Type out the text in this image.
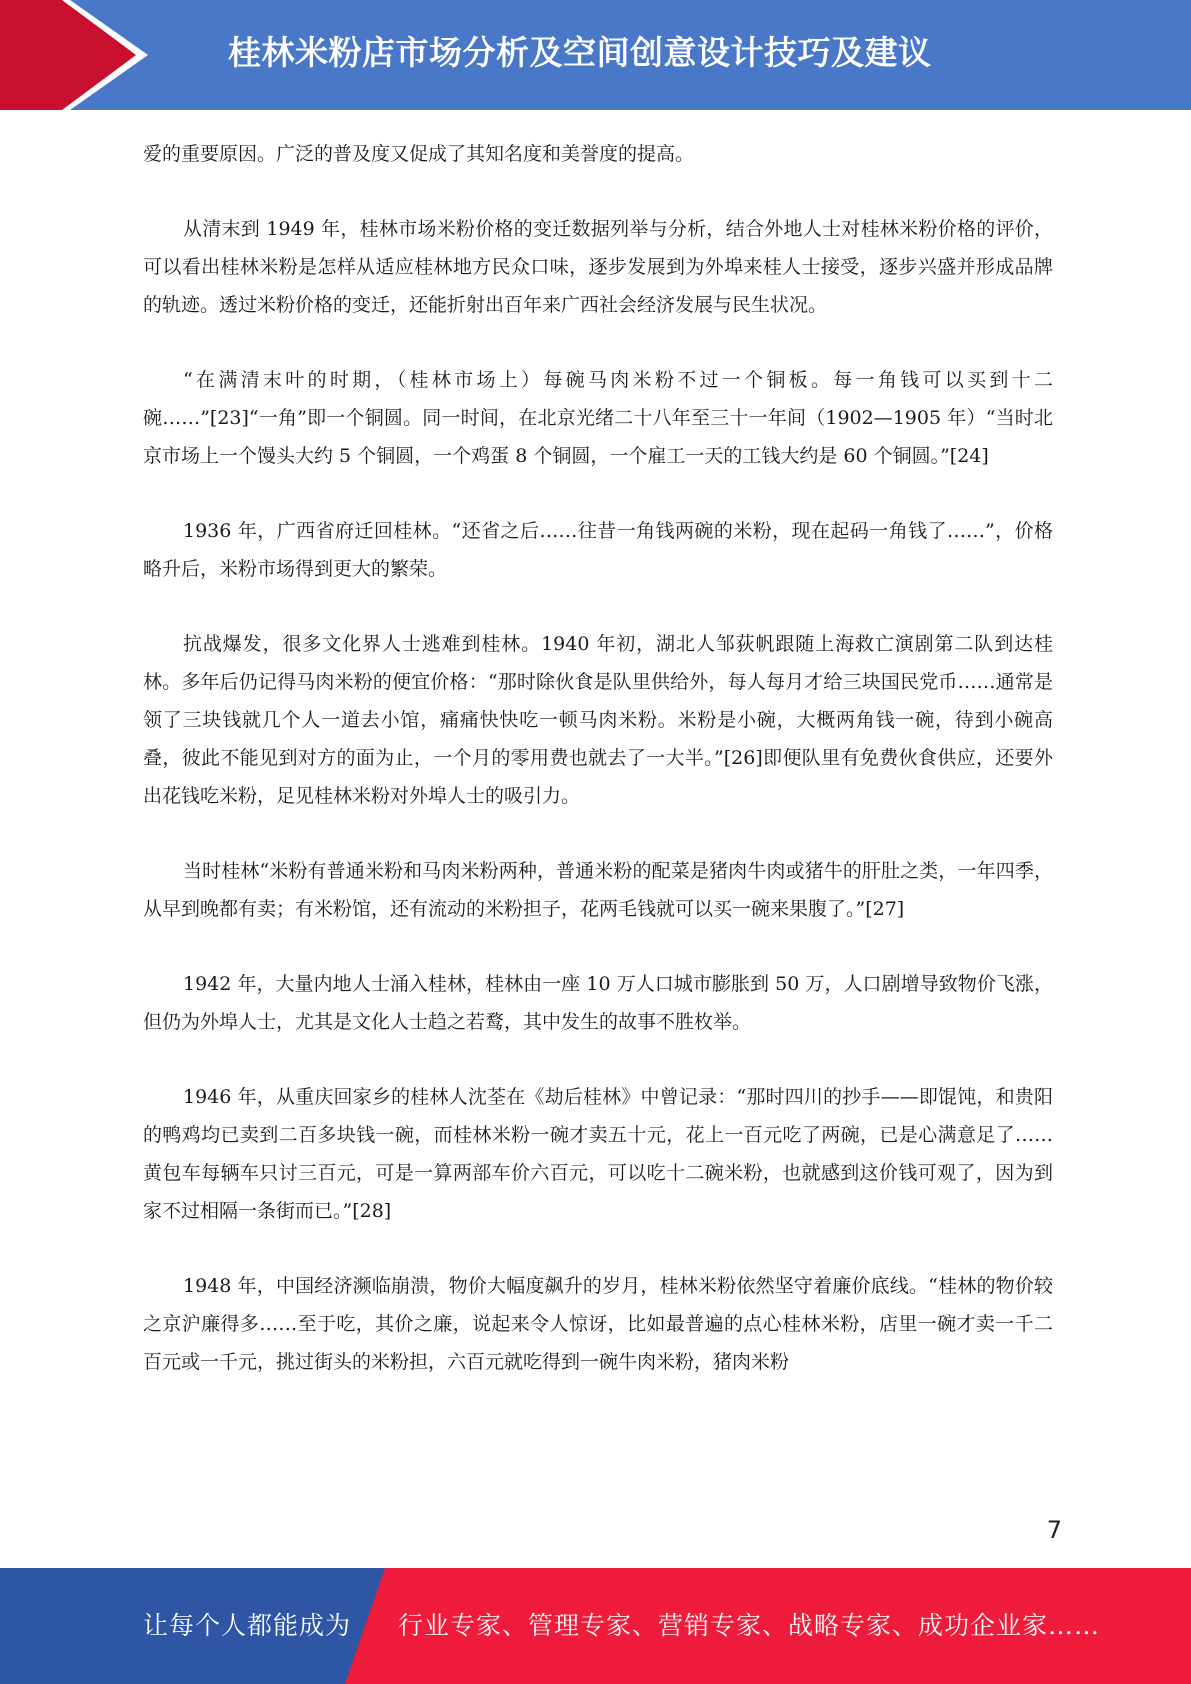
桂林米粉店市场分析及空间创意设计技巧及建议

爱的重要原因。广泛的普及度又促成了其知名度和美誉度的提高。

从清末到 1949 年，桂林市场米粉价格的变迁数据列举与分析，结合外地人士对桂林米粉价格的评价，可以看出桂林米粉是怎样从适应桂林地方民众口味，逐步发展到为外埠来桂人士接受，逐步兴盛并形成品牌的轨迹。透过米粉价格的变迁，还能折射出百年来广西社会经济发展与民生状况。

“在满清末叶的时期，（桂林市场上）每碗马肉米粉不过一个铜板。每一角钱可以买到十二碗……”[23]“一角”即一个铜圆。同一时间，在北京光绪二十八年至三十一年间（1902—1905 年）“当时北京市场上一个馒头大约 5 个铜圆，一个鸡蛋 8 个铜圆，一个雇工一天的工钱大约是 60 个铜圆。”[24]

1936 年，广西省府迁回桂林。“还省之后……往昔一角钱两碗的米粉，现在起码一角钱了……”，价格略升后，米粉市场得到更大的繁荣。

抗战爆发，很多文化界人士逃难到桂林。1940 年初，湖北人邹荻帆跟随上海救亡演剧第二队到达桂林。多年后仍记得马肉米粉的便宜价格：“那时除伙食是队里供给外，每人每月才给三块国民党币……通常是领了三块钱就几个人一道去小馆，痛痛快快吃一顿马肉米粉。米粉是小碗，大概两角钱一碗，待到小碗高叠，彼此不能见到对方的面为止，一个月的零用费也就去了一大半。”[26]即便队里有免费伙食供应，还要外出花钱吃米粉，足见桂林米粉对外埠人士的吸引力。

当时桂林“米粉有普通米粉和马肉米粉两种，普通米粉的配菜是猪肉牛肉或猪牛的肝肚之类，一年四季，从早到晚都有卖；有米粉馆，还有流动的米粉担子，花两毛钱就可以买一碗来果腹了。”[27]

1942 年，大量内地人士涌入桂林，桂林由一座 10 万人口城市膨胀到 50 万，人口剧增导致物价飞涨，但仍为外埠人士，尤其是文化人士趋之若鹜，其中发生的故事不胜枚举。

1946 年，从重庆回家乡的桂林人沈荃在《劫后桂林》中曾记录：“那时四川的抄手——即馄饨，和贵阳的鸭鸡均已卖到二百多块钱一碗，而桂林米粉一碗才卖五十元，花上一百元吃了两碗，已是心满意足了……黄包车每辆车只讨三百元，可是一算两部车价六百元，可以吃十二碗米粉，也就感到这价钱可观了，因为到家不过相隔一条街而已。”[28]

1948 年，中国经济濒临崩溃，物价大幅度飙升的岁月，桂林米粉依然坚守着廉价底线。“桂林的物价较之京沪廉得多……至于吃，其价之廉，说起来令人惊讶，比如最普遍的点心桂林米粉，店里一碗才卖一千二百元或一千元，挑过街头的米粉担，六百元就吃得到一碗牛肉米粉，猪肉米粉

7
让每个人都能成为 行业专家、管理专家、营销专家、战略专家、成功企业家……
